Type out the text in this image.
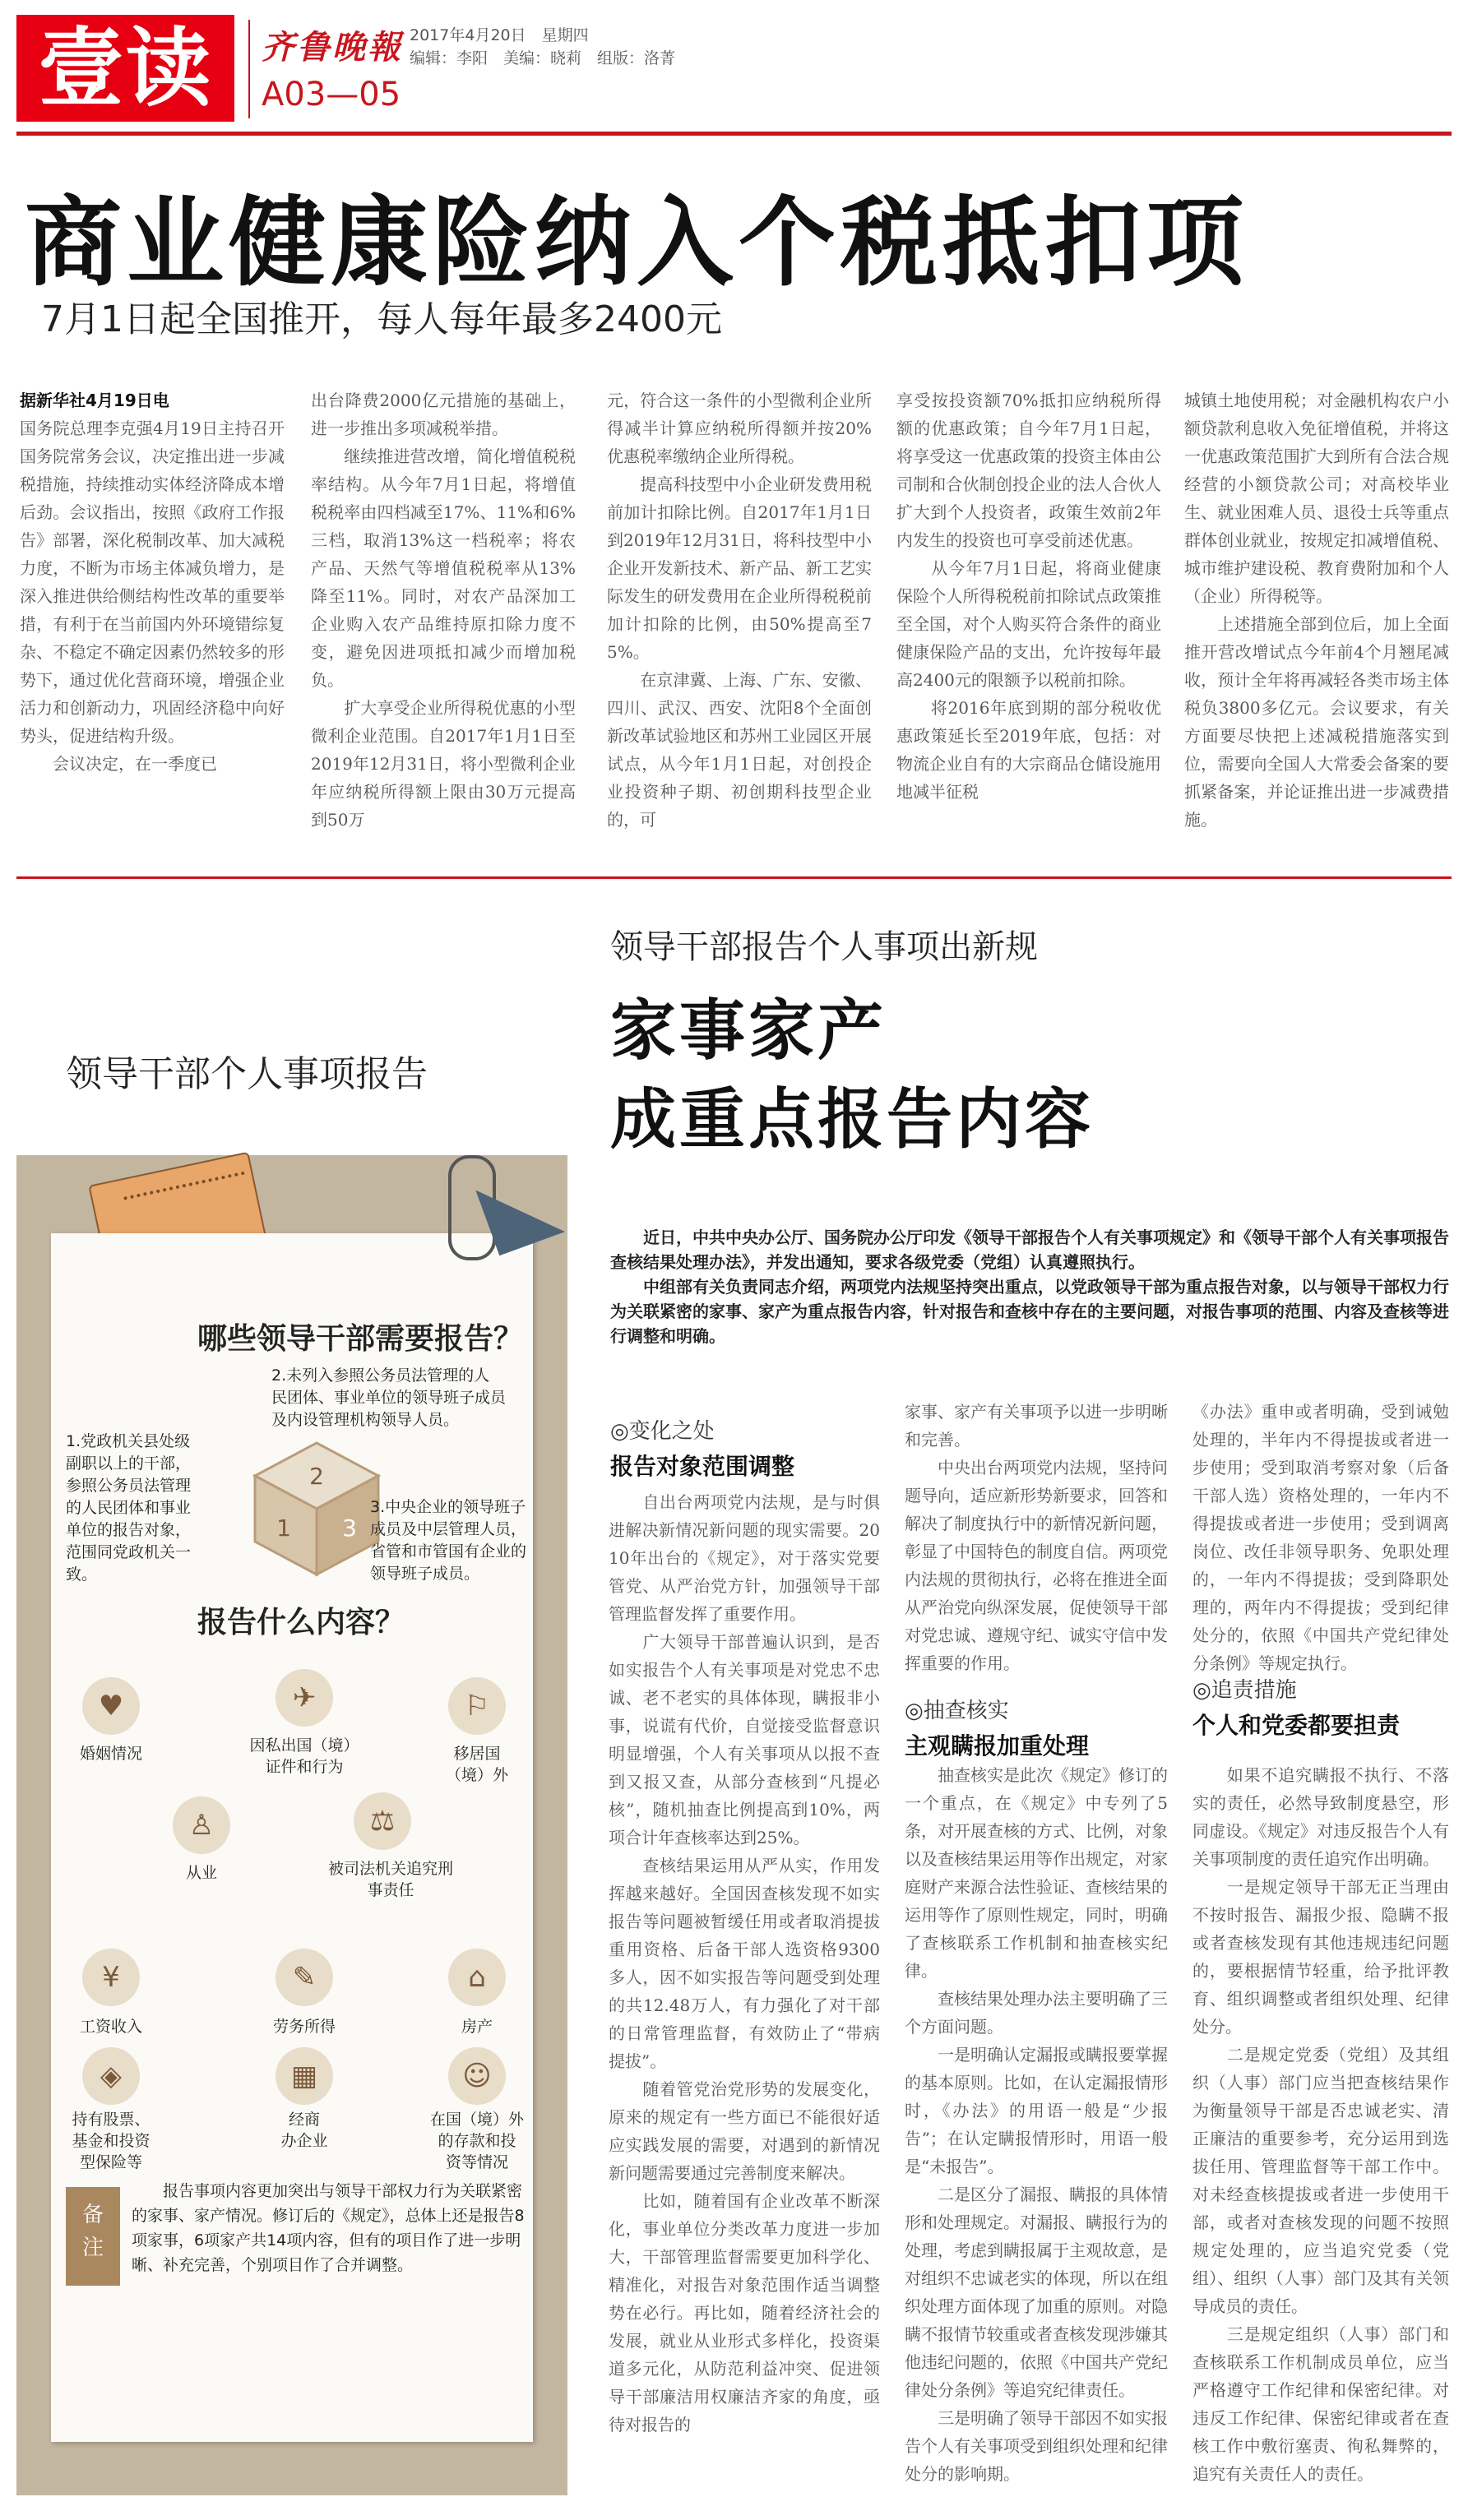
壹读	齐鲁晚報
A03—05
2017年4月20日　星期四
编辑：李阳　美编：晓莉　组版：洛菁
商业健康险纳入个税抵扣项
7月1日起全国推开，每人每年最多2400元
据新华社4月19日电
国务院总理李克强4月19日主持召开国务院常务会议，决定推出进一步减税措施，持续推动实体经济降成本增后劲。会议指出，按照《政府工作报告》部署，深化税制改革、加大减税力度，不断为市场主体减负增力，是深入推进供给侧结构性改革的重要举措，有利于在当前国内外环境错综复杂、不稳定不确定因素仍然较多的形势下，通过优化营商环境，增强企业活力和创新动力，巩固经济稳中向好势头，促进结构升级。
　　会议决定，在一季度已
出台降费2000亿元措施的基础上，进一步推出多项减税举措。
　　继续推进营改增，简化增值税税率结构。从今年7月1日起，将增值税税率由四档减至17%、11%和6%三档，取消13%这一档税率；将农产品、天然气等增值税税率从13%降至11%。同时，对农产品深加工企业购入农产品维持原扣除力度不变，避免因进项抵扣减少而增加税负。
　　扩大享受企业所得税优惠的小型微利企业范围。自2017年1月1日至2019年12月31日，将小型微利企业年应纳税所得额上限由30万元提高到50万
元，符合这一条件的小型微利企业所得减半计算应纳税所得额并按20%优惠税率缴纳企业所得税。
　　提高科技型中小企业研发费用税前加计扣除比例。自2017年1月1日到2019年12月31日，将科技型中小企业开发新技术、新产品、新工艺实际发生的研发费用在企业所得税税前加计扣除的比例，由50%提高至75%。
　　在京津冀、上海、广东、安徽、四川、武汉、西安、沈阳8个全面创新改革试验地区和苏州工业园区开展试点，从今年1月1日起，对创投企业投资种子期、初创期科技型企业的，可
享受按投资额70%抵扣应纳税所得额的优惠政策；自今年7月1日起，将享受这一优惠政策的投资主体由公司制和合伙制创投企业的法人合伙人扩大到个人投资者，政策生效前2年内发生的投资也可享受前述优惠。
　　从今年7月1日起，将商业健康保险个人所得税税前扣除试点政策推至全国，对个人购买符合条件的商业健康保险产品的支出，允许按每年最高2400元的限额予以税前扣除。
　　将2016年底到期的部分税收优惠政策延长至2019年底，包括：对物流企业自有的大宗商品仓储设施用地减半征税
城镇土地使用税；对金融机构农户小额贷款利息收入免征增值税，并将这一优惠政策范围扩大到所有合法合规经营的小额贷款公司；对高校毕业生、就业困难人员、退役士兵等重点群体创业就业，按规定扣减增值税、城市维护建设税、教育费附加和个人（企业）所得税等。
　　上述措施全部到位后，加上全面推开营改增试点今年前4个月翘尾减收，预计全年将再减轻各类市场主体税负3800多亿元。会议要求，有关方面要尽快把上述减税措施落实到位，需要向全国人大常委会备案的要抓紧备案，并论证推出进一步减费措施。
领导干部个人事项报告
哪些领导干部需要报告？
2
1 3
1.党政机关县处级
副职以上的干部，
参照公务员法管理
的人民团体和事业
单位的报告对象，
范围同党政机关一
致。
2.未列入参照公务员法管理的人
民团体、事业单位的领导班子成员
及内设管理机构领导人员。
3.中央企业的领导班子
成员及中层管理人员，
省管和市管国有企业的
领导班子成员。
报告什么内容？
♥
婚姻情况
✈
因私出国（境）
证件和行为
⚐
移居国
（境）外
♙
从业
⚖
被司法机关追究刑
事责任
¥
工资收入
✎
劳务所得
⌂
房产
◈
持有股票、
基金和投资
型保险等
▦
经商
办企业
☺
在国（境）外
的存款和投
资等情况
备
注
　　报告事项内容更加突出与领导干部权力行为关联紧密的家事、家产情况。修订后的《规定》，总体上还是报告8项家事，6项家产共14项内容，但有的项目作了进一步明晰、补充完善，个别项目作了合并调整。
领导干部报告个人事项出新规
家事家产
成重点报告内容
　　近日，中共中央办公厅、国务院办公厅印发《领导干部报告个人有关事项规定》和《领导干部个人有关事项报告查核结果处理办法》，并发出通知，要求各级党委（党组）认真遵照执行。
　　中组部有关负责同志介绍，两项党内法规坚持突出重点，以党政领导干部为重点报告对象，以与领导干部权力行为关联紧密的家事、家产为重点报告内容，针对报告和查核中存在的主要问题，对报告事项的范围、内容及查核等进行调整和明确。
◎变化之处
报告对象范围调整
　　自出台两项党内法规，是与时俱进解决新情况新问题的现实需要。2010年出台的《规定》，对于落实党要管党、从严治党方针，加强领导干部管理监督发挥了重要作用。
　　广大领导干部普遍认识到，是否如实报告个人有关事项是对党忠不忠诚、老不老实的具体体现，瞒报非小事，说谎有代价，自觉接受监督意识明显增强，个人有关事项从以报不查到又报又查，从部分查核到“凡提必核”，随机抽查比例提高到10%，两项合计年查核率达到25%。
　　查核结果运用从严从实，作用发挥越来越好。全国因查核发现不如实报告等问题被暂缓任用或者取消提拔重用资格、后备干部人选资格9300多人，因不如实报告等问题受到处理的共12.48万人，有力强化了对干部的日常管理监督，有效防止了“带病提拔”。
　　随着管党治党形势的发展变化，原来的规定有一些方面已不能很好适应实践发展的需要，对遇到的新情况新问题需要通过完善制度来解决。
　　比如，随着国有企业改革不断深化，事业单位分类改革力度进一步加大，干部管理监督需要更加科学化、精准化，对报告对象范围作适当调整势在必行。再比如，随着经济社会的发展，就业从业形式多样化，投资渠道多元化，从防范利益冲突、促进领导干部廉洁用权廉洁齐家的角度，亟待对报告的
家事、家产有关事项予以进一步明晰和完善。
　　中央出台两项党内法规，坚持问题导向，适应新形势新要求，回答和解决了制度执行中的新情况新问题，彰显了中国特色的制度自信。两项党内法规的贯彻执行，必将在推进全面从严治党向纵深发展，促使领导干部对党忠诚、遵规守纪、诚实守信中发挥重要的作用。

　　抽查核实是此次《规定》修订的一个重点，在《规定》中专列了5条，对开展查核的方式、比例，对象以及查核结果运用等作出规定，对家庭财产来源合法性验证、查核结果的运用等作了原则性规定，同时，明确了查核联系工作机制和抽查核实纪律。
　　查核结果处理办法主要明确了三个方面问题。
　　一是明确认定漏报或瞒报要掌握的基本原则。比如，在认定漏报情形时，《办法》的用语一般是“少报告”；在认定瞒报情形时，用语一般是“未报告”。
　　二是区分了漏报、瞒报的具体情形和处理规定。对漏报、瞒报行为的处理，考虑到瞒报属于主观故意，是对组织不忠诚老实的体现，所以在组织处理方面体现了加重的原则。对隐瞒不报情节较重或者查核发现涉嫌其他违纪问题的，依照《中国共产党纪律处分条例》等追究纪律责任。
　　三是明确了领导干部因不如实报告个人有关事项受到组织处理和纪律处分的影响期。
◎抽查核实
主观瞒报加重处理
《办法》重申或者明确，受到诫勉处理的，半年内不得提拔或者进一步使用；受到取消考察对象（后备干部人选）资格处理的，一年内不得提拔或者进一步使用；受到调离岗位、改任非领导职务、免职处理的，一年内不得提拔；受到降职处理的，两年内不得提拔；受到纪律处分的，依照《中国共产党纪律处分条例》等规定执行。

　　如果不追究瞒报不执行、不落实的责任，必然导致制度悬空，形同虚设。《规定》对违反报告个人有关事项制度的责任追究作出明确。
　　一是规定领导干部无正当理由不按时报告、漏报少报、隐瞒不报或者查核发现有其他违规违纪问题的，要根据情节轻重，给予批评教育、组织调整或者组织处理、纪律处分。
　　二是规定党委（党组）及其组织（人事）部门应当把查核结果作为衡量领导干部是否忠诚老实、清正廉洁的重要参考，充分运用到选拔任用、管理监督等干部工作中。对未经查核提拔或者进一步使用干部，或者对查核发现的问题不按照规定处理的，应当追究党委（党组）、组织（人事）部门及其有关领导成员的责任。
　　三是规定组织（人事）部门和查核联系工作机制成员单位，应当严格遵守工作纪律和保密纪律。对违反工作纪律、保密纪律或者在查核工作中敷衍塞责、徇私舞弊的，追究有关责任人的责任。
◎追责措施
个人和党委都要担责
